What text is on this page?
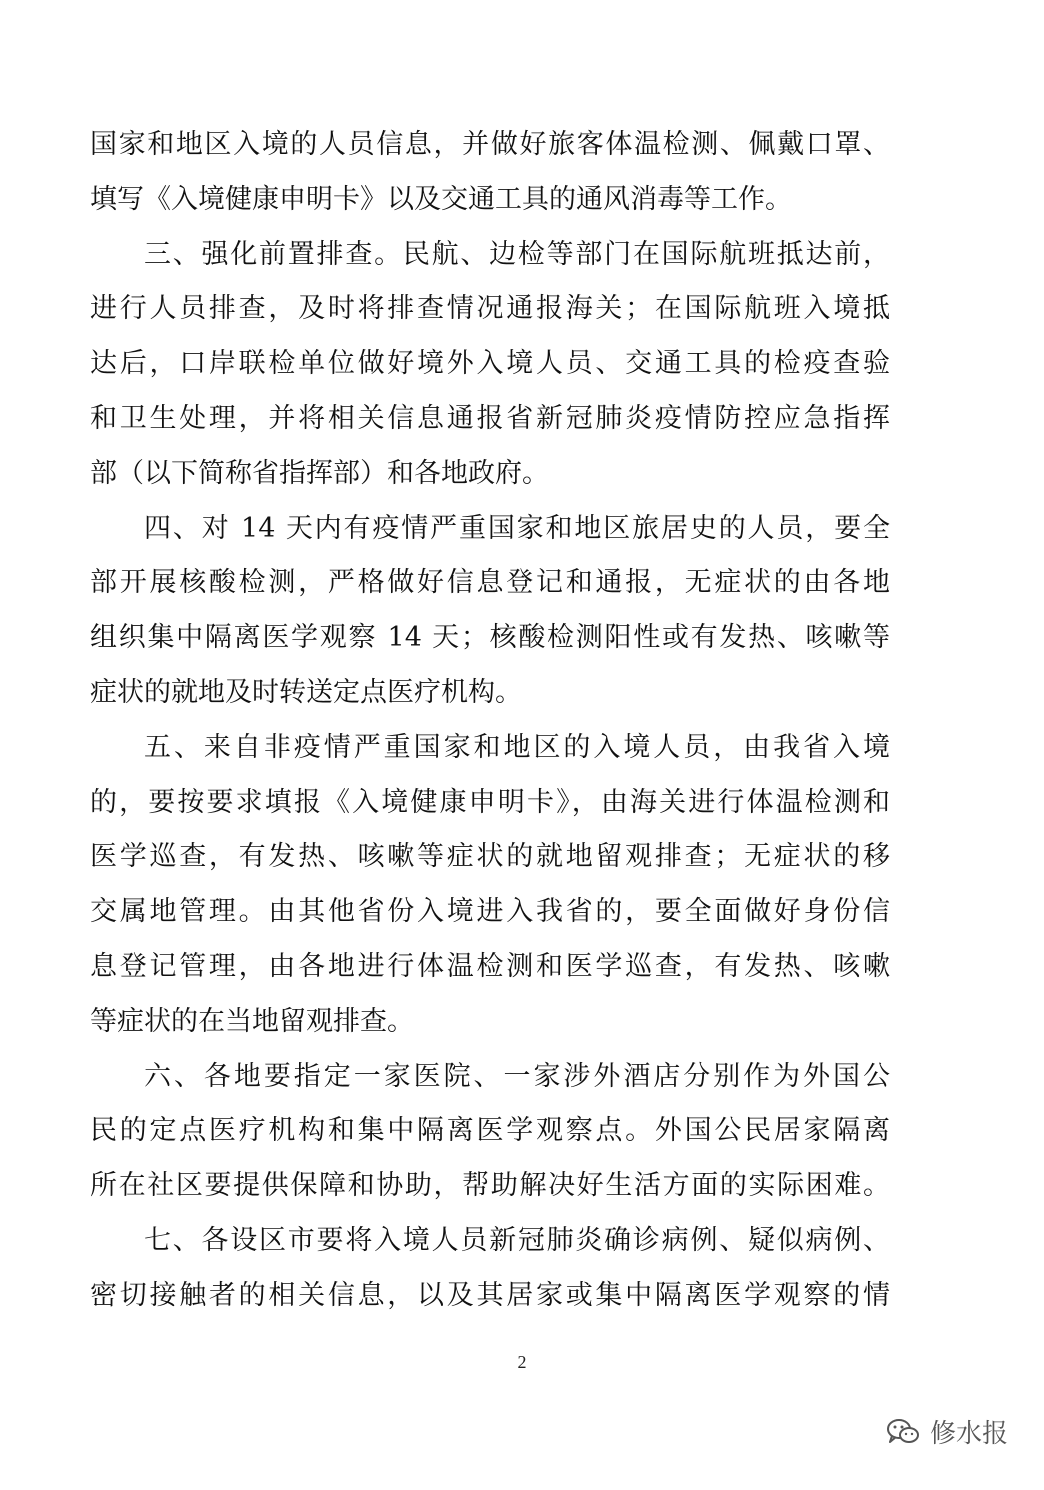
国家和地区入境的人员信息，并做好旅客体温检测、佩戴口罩、
填写《入境健康申明卡》以及交通工具的通风消毒等工作。
三、强化前置排查。民航、边检等部门在国际航班抵达前，
进行人员排查，及时将排查情况通报海关；在国际航班入境抵
达后，口岸联检单位做好境外入境人员、交通工具的检疫查验
和卫生处理，并将相关信息通报省新冠肺炎疫情防控应急指挥
部（以下简称省指挥部）和各地政府。
四、对 14 天内有疫情严重国家和地区旅居史的人员，要全
部开展核酸检测，严格做好信息登记和通报，无症状的由各地
组织集中隔离医学观察 14 天；核酸检测阳性或有发热、咳嗽等
症状的就地及时转送定点医疗机构。
五、来自非疫情严重国家和地区的入境人员，由我省入境
的，要按要求填报《入境健康申明卡》，由海关进行体温检测和
医学巡查，有发热、咳嗽等症状的就地留观排查；无症状的移
交属地管理。由其他省份入境进入我省的，要全面做好身份信
息登记管理，由各地进行体温检测和医学巡查，有发热、咳嗽
等症状的在当地留观排查。
六、各地要指定一家医院、一家涉外酒店分别作为外国公
民的定点医疗机构和集中隔离医学观察点。外国公民居家隔离
所在社区要提供保障和协助，帮助解决好生活方面的实际困难。
七、各设区市要将入境人员新冠肺炎确诊病例、疑似病例、
密切接触者的相关信息，以及其居家或集中隔离医学观察的情
2
修水报
